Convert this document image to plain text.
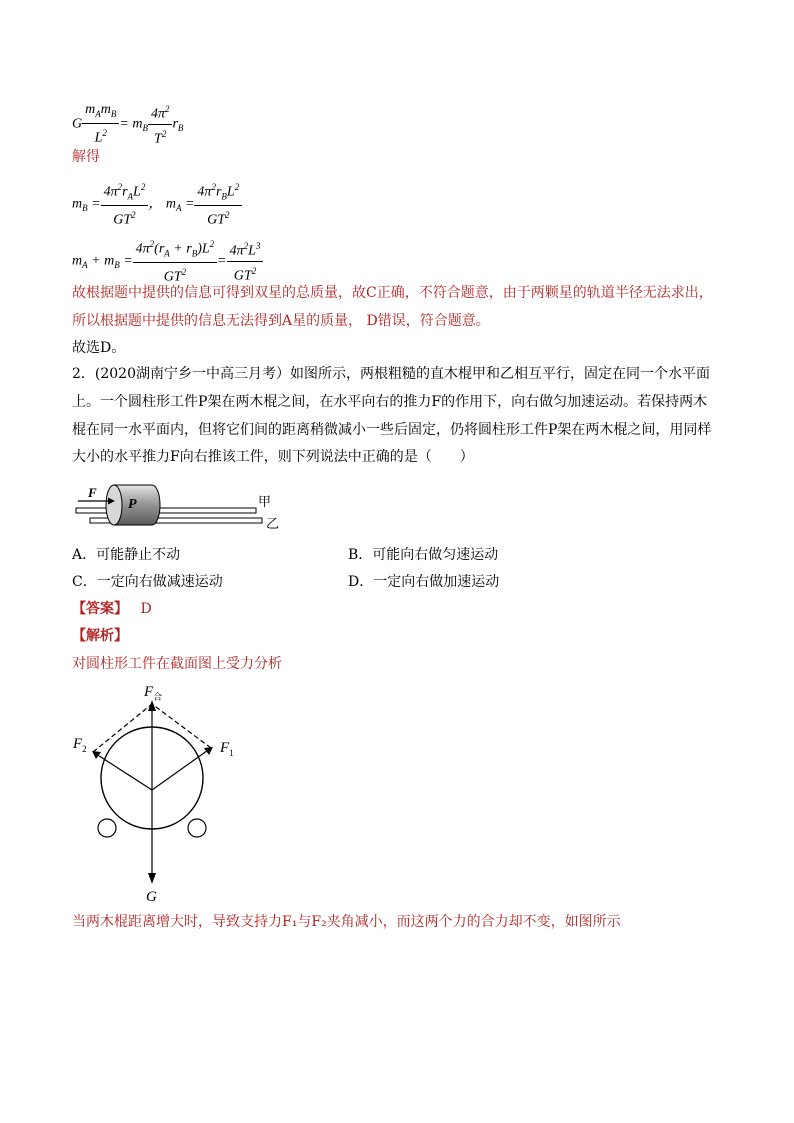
G $\frac{m_Am_B}{L^2} = m_B \frac{4\pi^2}{T^2} r_B$
解得
$m_B = \frac{4\pi^2r_AL^2}{GT^2}$ ， $m_A = \frac{4\pi^2r_BL^2}{GT^2}$
$m_A + m_B = \frac{4\pi^2(r_A + r_B)L^2}{GT^2} = \frac{4\pi^2L^3}{GT^2}$
故根据题中提供的信息可得到双星的总质量，故C正确，不符合题意，由于两颗星的轨道半径无法求出，
所以根据题中提供的信息无法得到A星的质量， D错误，符合题意。
故选D。
2．(2020湖南宁乡一中高三月考）如图所示，两根粗糙的直木棍甲和乙相互平行，固定在同一个水平面
上。一个圆柱形工件P架在两木棍之间，在水平向右的推力F的作用下，向右做匀加速运动。若保持两木
棍在同一水平面内，但将它们间的距离稍微减小一些后固定，仍将圆柱形工件P架在两木棍之间，用同样
大小的水平推力F向右推该工件，则下列说法中正确的是（　　）
F
P	甲
乙
A．可能静止不动	B．可能向右做匀速运动
C．一定向右做减速运动	D．一定向右做加速运动
【答案】 D
【解析】
对圆柱形工件在截面图上受力分析
$F_合$
$F_1$
$F_2$
G
当两木棍距离增大时，导致支持力F₁与F₂夹角减小，而这两个力的合力却不变，如图所示
